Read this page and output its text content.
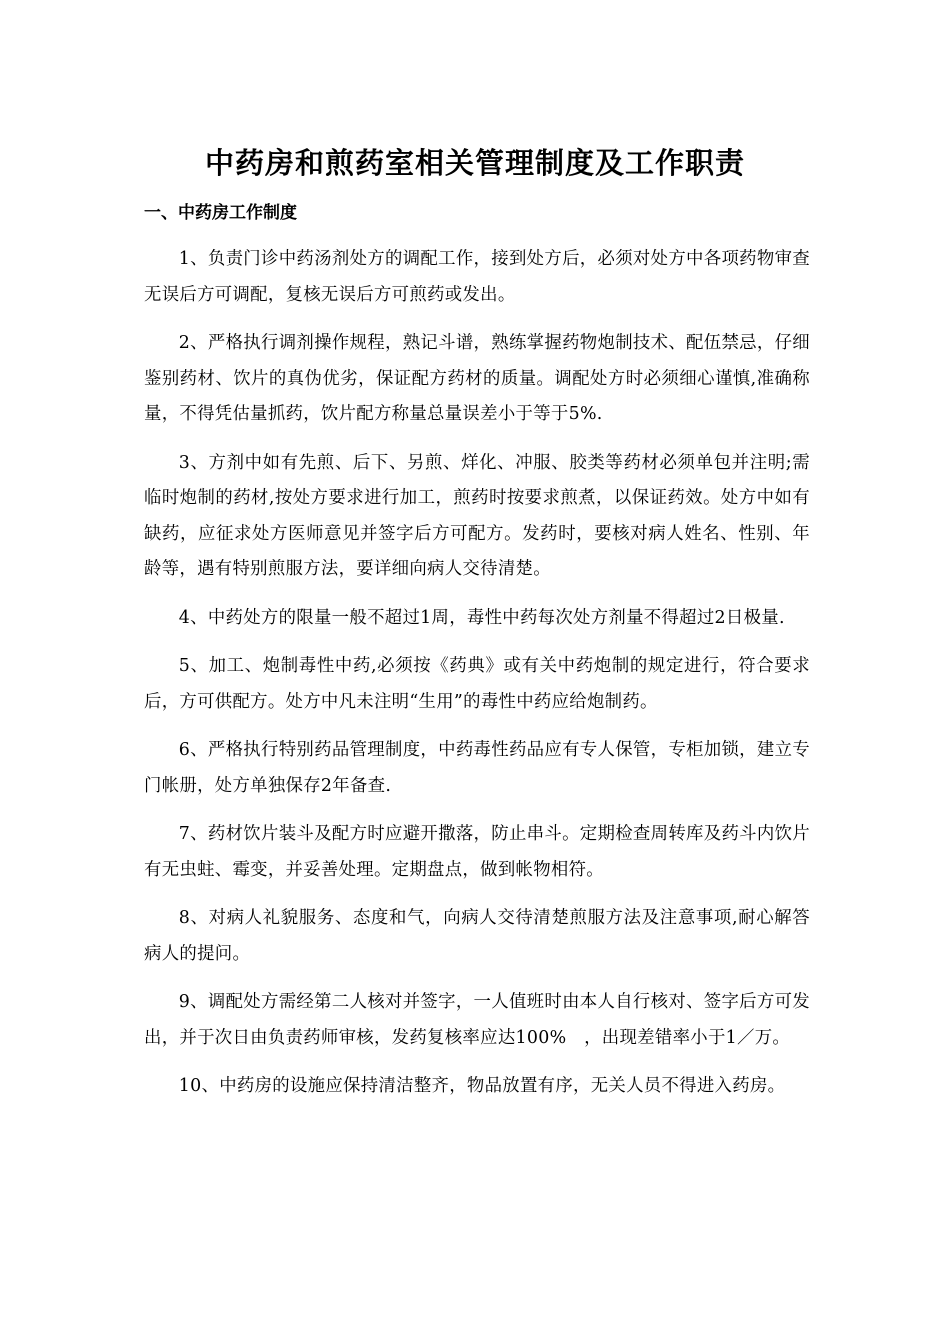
中药房和煎药室相关管理制度及工作职责
一、中药房工作制度

1、负责门诊中药汤剂处方的调配工作，接到处方后，必须对处方中各项药物审查无误后方可调配，复核无误后方可煎药或发出。

2、严格执行调剂操作规程，熟记斗谱，熟练掌握药物炮制技术、配伍禁忌，仔细鉴别药材、饮片的真伪优劣，保证配方药材的质量。调配处方时必须细心谨慎,准确称量，不得凭估量抓药，饮片配方称量总量误差小于等于5%.

3、方剂中如有先煎、后下、另煎、烊化、冲服、胶类等药材必须单包并注明;需临时炮制的药材,按处方要求进行加工，煎药时按要求煎煮，以保证药效。处方中如有缺药，应征求处方医师意见并签字后方可配方。发药时，要核对病人姓名、性别、年龄等，遇有特别煎服方法，要详细向病人交待清楚。

4、中药处方的限量一般不超过1周，毒性中药每次处方剂量不得超过2日极量.

5、加工、炮制毒性中药,必须按《药典》或有关中药炮制的规定进行，符合要求后，方可供配方。处方中凡未注明“生用”的毒性中药应给炮制药。

6、严格执行特别药品管理制度，中药毒性药品应有专人保管，专柜加锁，建立专门帐册，处方单独保存2年备查.

7、药材饮片装斗及配方时应避开撒落，防止串斗。定期检查周转库及药斗内饮片有无虫蛀、霉变，并妥善处理。定期盘点，做到帐物相符。

8、对病人礼貌服务、态度和气，向病人交待清楚煎服方法及注意事项,耐心解答病人的提问。

9、调配处方需经第二人核对并签字，一人值班时由本人自行核对、签字后方可发出，并于次日由负责药师审核，发药复核率应达100%　，出现差错率小于1／万。

10、中药房的设施应保持清洁整齐，物品放置有序，无关人员不得进入药房。
